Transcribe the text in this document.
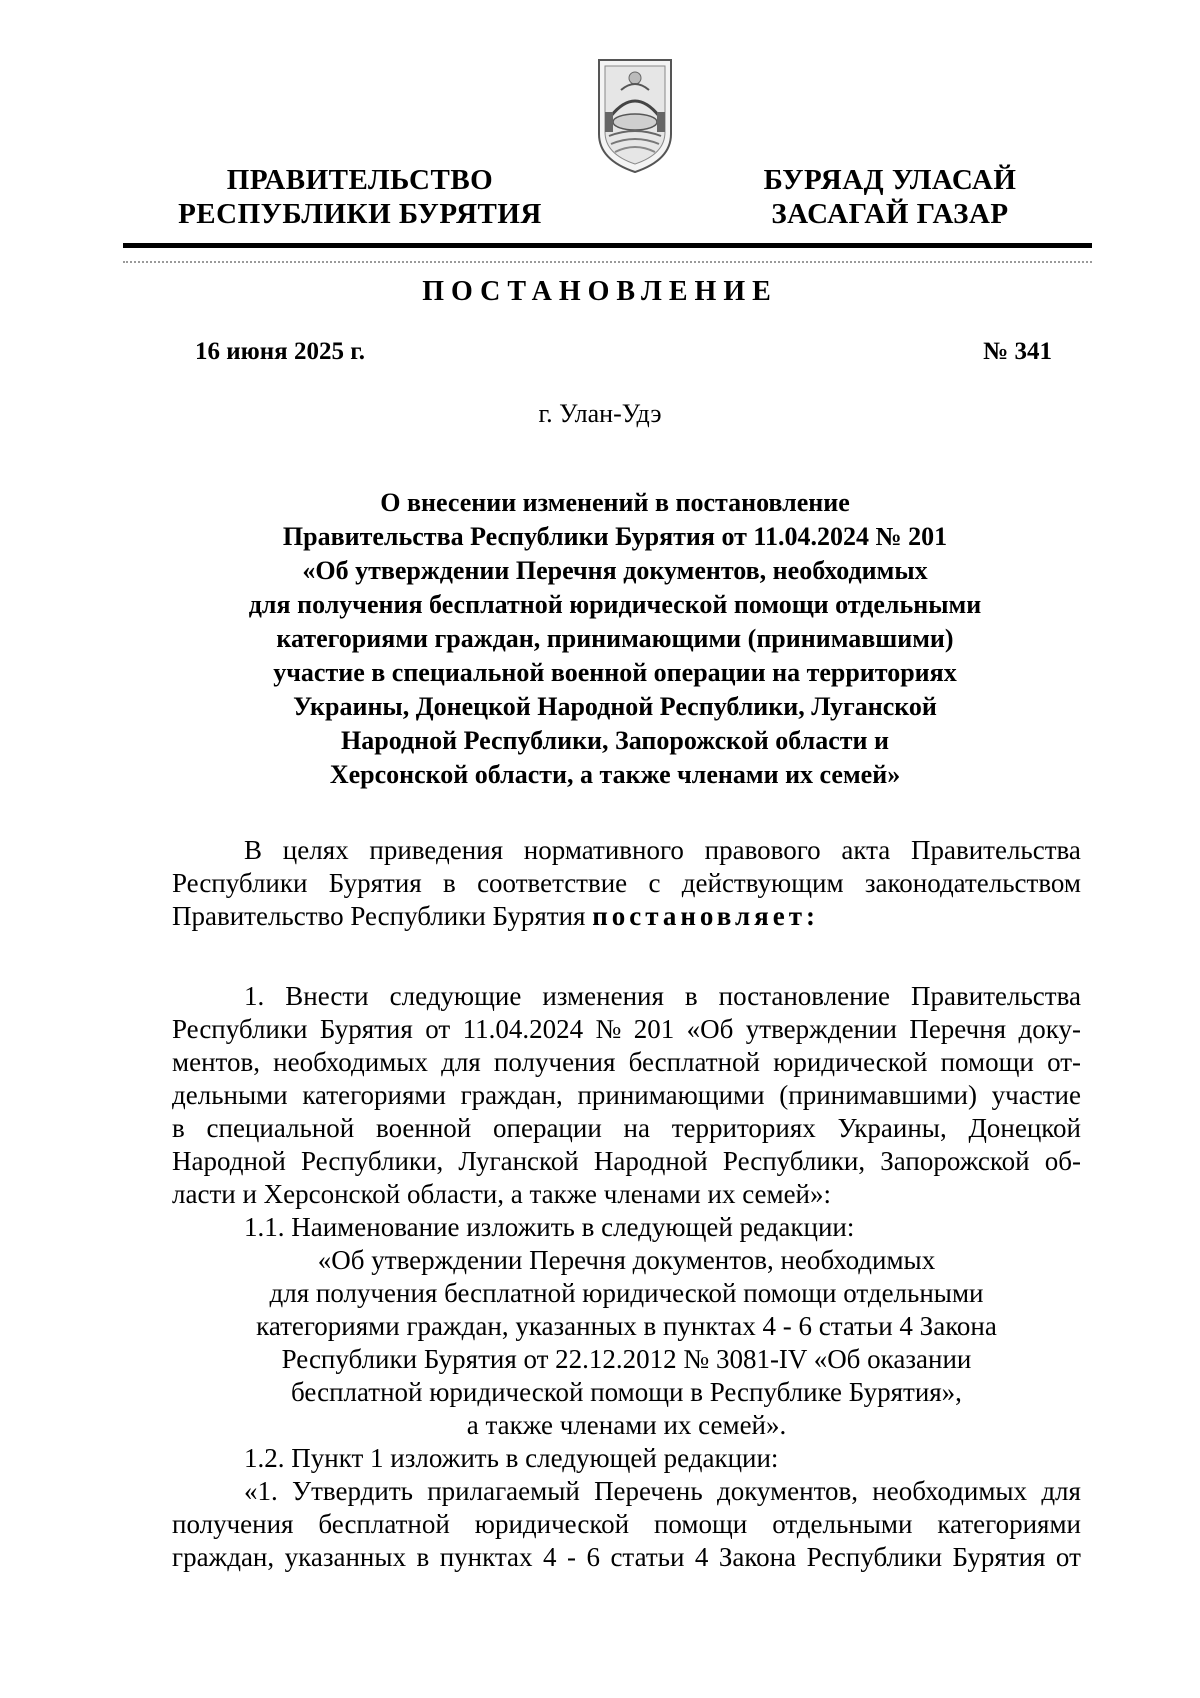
ПРАВИТЕЛЬСТВО
РЕСПУБЛИКИ БУРЯТИЯ
БУРЯАД УЛАСАЙ
ЗАСАГАЙ ГАЗАР
ПОСТАНОВЛЕНИЕ
16 июня 2025 г.	№ 341
г. Улан-Удэ
О внесении изменений в постановление
Правительства Республики Бурятия от 11.04.2024 № 201
«Об утверждении Перечня документов, необходимых
для получения бесплатной юридической помощи отдельными
категориями граждан, принимающими (принимавшими)
участие в специальной военной операции на территориях
Украины, Донецкой Народной Республики, Луганской
Народной Республики, Запорожской области и
Херсонской области, а также членами их семей»
В целях приведения нормативного правового акта Правительства
Республики Бурятия в соответствие с действующим законодательством
Правительство Республики Бурятия постановляет:
1. Внести следующие изменения в постановление Правительства
Республики Бурятия от 11.04.2024 № 201 «Об утверждении Перечня доку-
ментов, необходимых для получения бесплатной юридической помощи от-
дельными категориями граждан, принимающими (принимавшими) участие
в специальной военной операции на территориях Украины, Донецкой
Народной Республики, Луганской Народной Республики, Запорожской об-
ласти и Херсонской области, а также членами их семей»:
1.1. Наименование изложить в следующей редакции:
«Об утверждении Перечня документов, необходимых
для получения бесплатной юридической помощи отдельными
категориями граждан, указанных в пунктах 4 - 6 статьи 4 Закона
Республики Бурятия от 22.12.2012 № 3081-IV «Об оказании
бесплатной юридической помощи в Республике Бурятия»,
а также членами их семей».
1.2. Пункт 1 изложить в следующей редакции:
«1. Утвердить прилагаемый Перечень документов, необходимых для
получения бесплатной юридической помощи отдельными категориями
граждан, указанных в пунктах 4 - 6 статьи 4 Закона Республики Бурятия от
